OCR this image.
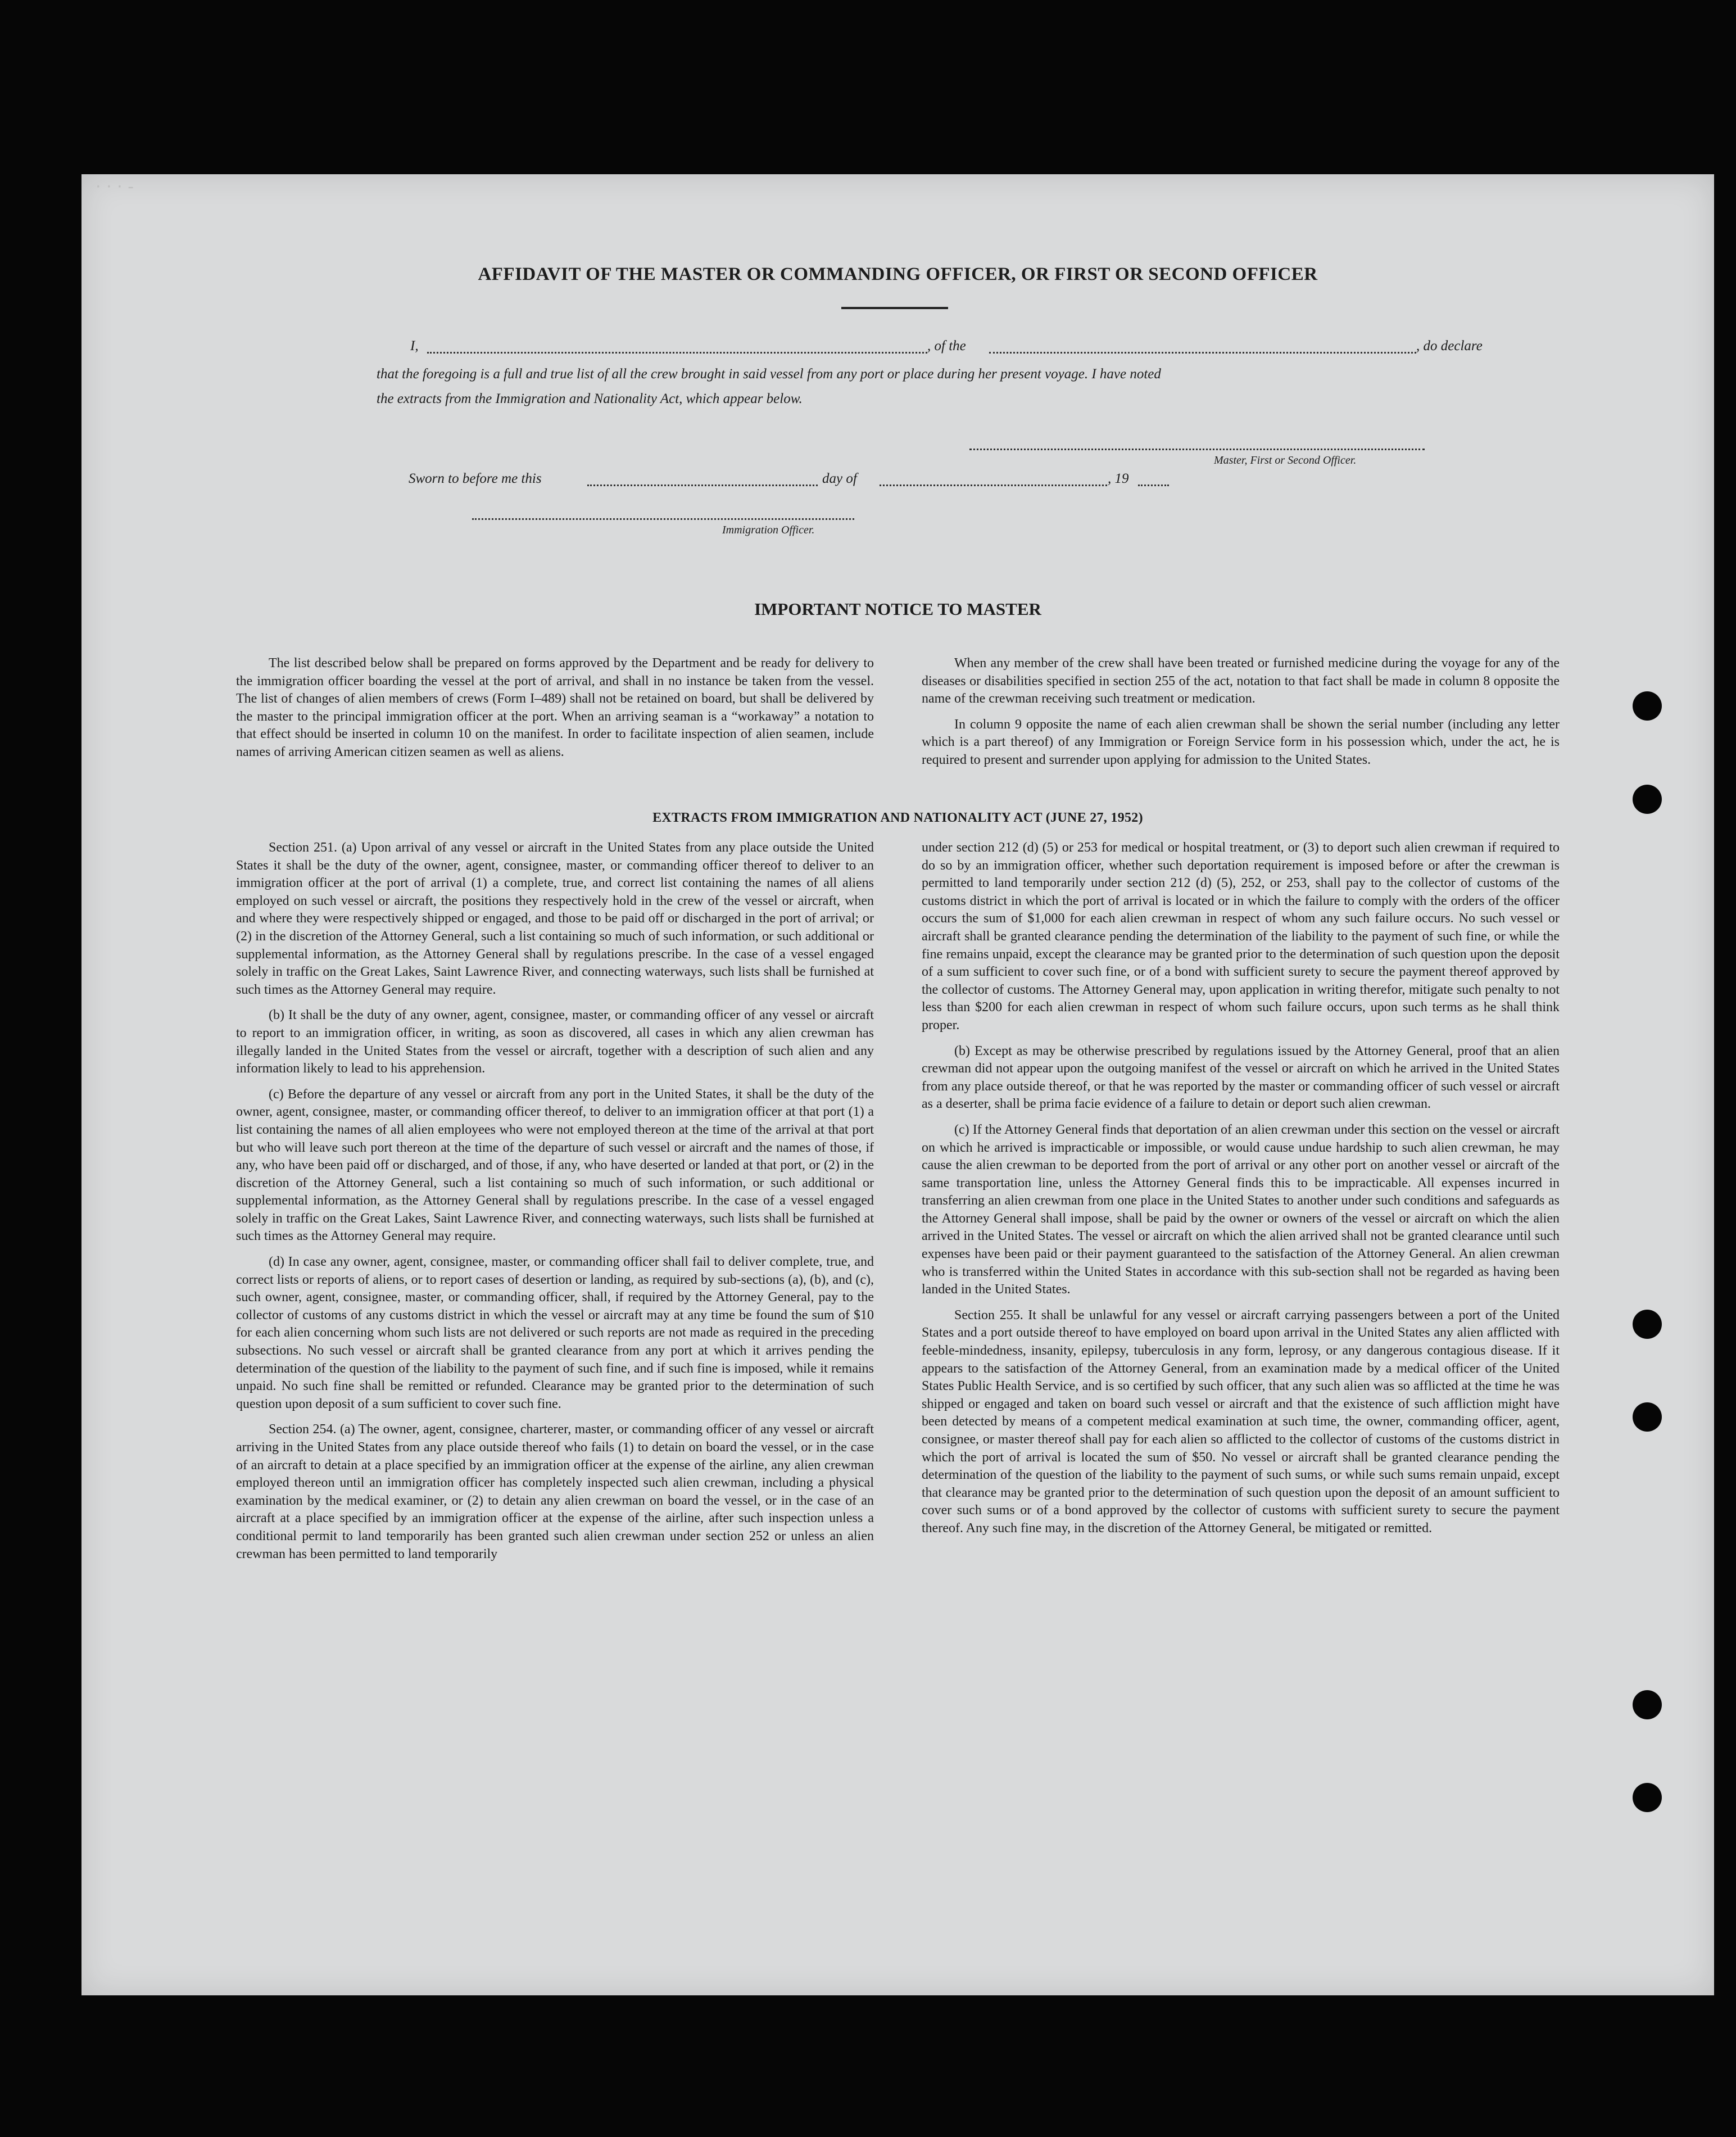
· · · -
AFFIDAVIT OF THE MASTER OR COMMANDING OFFICER, OR FIRST OR SECOND OFFICER
I,	, of the	, do declare
that the foregoing is a full and true list of all the crew brought in said vessel from any port or place during her present voyage. I have noted
the extracts from the Immigration and Nationality Act, which appear below.
Master, First or Second Officer.
Sworn to before me this	day of	, 19
Immigration Officer.
IMPORTANT NOTICE TO MASTER

The list described below shall be prepared on forms approved by the Department and be ready for delivery to the immigration officer boarding the vessel at the port of arrival, and shall in no instance be taken from the vessel. The list of changes of alien members of crews (Form I–489) shall not be retained on board, but shall be delivered by the master to the principal immigration officer at the port. When an arriving seaman is a “workaway” a notation to that effect should be inserted in column 10 on the manifest. In order to facilitate inspection of alien seamen, include names of arriving American citizen seamen as well as aliens.

When any member of the crew shall have been treated or furnished medicine during the voyage for any of the diseases or disabilities specified in section 255 of the act, notation to that fact shall be made in column 8 opposite the name of the crewman receiving such treatment or medication.

In column 9 opposite the name of each alien crewman shall be shown the serial number (including any letter which is a part thereof) of any Immigration or Foreign Service form in his possession which, under the act, he is required to present and surrender upon applying for admission to the United States.

EXTRACTS FROM IMMIGRATION AND NATIONALITY ACT (JUNE 27, 1952)

Section 251. (a) Upon arrival of any vessel or aircraft in the United States from any place outside the United States it shall be the duty of the owner, agent, consignee, master, or commanding officer thereof to deliver to an immigration officer at the port of arrival (1) a complete, true, and correct list containing the names of all aliens employed on such vessel or aircraft, the positions they respectively hold in the crew of the vessel or aircraft, when and where they were respectively shipped or engaged, and those to be paid off or discharged in the port of arrival; or (2) in the discretion of the Attorney General, such a list containing so much of such information, or such additional or supplemental information, as the Attorney General shall by regulations prescribe. In the case of a vessel engaged solely in traffic on the Great Lakes, Saint Lawrence River, and connecting waterways, such lists shall be furnished at such times as the Attorney General may require.

(b) It shall be the duty of any owner, agent, consignee, master, or commanding officer of any vessel or aircraft to report to an immigration officer, in writing, as soon as discovered, all cases in which any alien crewman has illegally landed in the United States from the vessel or aircraft, together with a description of such alien and any information likely to lead to his apprehension.

(c) Before the departure of any vessel or aircraft from any port in the United States, it shall be the duty of the owner, agent, consignee, master, or commanding officer thereof, to deliver to an immigration officer at that port (1) a list containing the names of all alien employees who were not employed thereon at the time of the arrival at that port but who will leave such port thereon at the time of the departure of such vessel or aircraft and the names of those, if any, who have been paid off or discharged, and of those, if any, who have deserted or landed at that port, or (2) in the discretion of the Attorney General, such a list containing so much of such information, or such additional or supplemental information, as the Attorney General shall by regulations prescribe. In the case of a vessel engaged solely in traffic on the Great Lakes, Saint Lawrence River, and connecting waterways, such lists shall be furnished at such times as the Attorney General may require.

(d) In case any owner, agent, consignee, master, or commanding officer shall fail to deliver complete, true, and correct lists or reports of aliens, or to report cases of desertion or landing, as required by sub-sections (a), (b), and (c), such owner, agent, consignee, master, or commanding officer, shall, if required by the Attorney General, pay to the collector of customs of any customs district in which the vessel or aircraft may at any time be found the sum of $10 for each alien concerning whom such lists are not delivered or such reports are not made as required in the preceding subsections. No such vessel or aircraft shall be granted clearance from any port at which it arrives pending the determination of the question of the liability to the payment of such fine, and if such fine is imposed, while it remains unpaid. No such fine shall be remitted or refunded. Clearance may be granted prior to the determination of such question upon deposit of a sum sufficient to cover such fine.

Section 254. (a) The owner, agent, consignee, charterer, master, or commanding officer of any vessel or aircraft arriving in the United States from any place outside thereof who fails (1) to detain on board the vessel, or in the case of an aircraft to detain at a place specified by an immigration officer at the expense of the airline, any alien crewman employed thereon until an immigration officer has completely inspected such alien crewman, including a physical examination by the medical examiner, or (2) to detain any alien crewman on board the vessel, or in the case of an aircraft at a place specified by an immigration officer at the expense of the airline, after such inspection unless a conditional permit to land temporarily has been granted such alien crewman under section 252 or unless an alien crewman has been permitted to land temporarily

under section 212 (d) (5) or 253 for medical or hospital treatment, or (3) to deport such alien crewman if required to do so by an immigration officer, whether such deportation requirement is imposed before or after the crewman is permitted to land temporarily under section 212 (d) (5), 252, or 253, shall pay to the collector of customs of the customs district in which the port of arrival is located or in which the failure to comply with the orders of the officer occurs the sum of $1,000 for each alien crewman in respect of whom any such failure occurs. No such vessel or aircraft shall be granted clearance pending the determination of the liability to the payment of such fine, or while the fine remains unpaid, except the clearance may be granted prior to the determination of such question upon the deposit of a sum sufficient to cover such fine, or of a bond with sufficient surety to secure the payment thereof approved by the collector of customs. The Attorney General may, upon application in writing therefor, mitigate such penalty to not less than $200 for each alien crewman in respect of whom such failure occurs, upon such terms as he shall think proper.

(b) Except as may be otherwise prescribed by regulations issued by the Attorney General, proof that an alien crewman did not appear upon the outgoing manifest of the vessel or aircraft on which he arrived in the United States from any place outside thereof, or that he was reported by the master or commanding officer of such vessel or aircraft as a deserter, shall be prima facie evidence of a failure to detain or deport such alien crewman.

(c) If the Attorney General finds that deportation of an alien crewman under this section on the vessel or aircraft on which he arrived is impracticable or impossible, or would cause undue hardship to such alien crewman, he may cause the alien crewman to be deported from the port of arrival or any other port on another vessel or aircraft of the same transportation line, unless the Attorney General finds this to be impracticable. All expenses incurred in transferring an alien crewman from one place in the United States to another under such conditions and safeguards as the Attorney General shall impose, shall be paid by the owner or owners of the vessel or aircraft on which the alien arrived in the United States. The vessel or aircraft on which the alien arrived shall not be granted clearance until such expenses have been paid or their payment guaranteed to the satisfaction of the Attorney General. An alien crewman who is transferred within the United States in accordance with this sub-section shall not be regarded as having been landed in the United States.

Section 255. It shall be unlawful for any vessel or aircraft carrying passengers between a port of the United States and a port outside thereof to have employed on board upon arrival in the United States any alien afflicted with feeble-mindedness, insanity, epilepsy, tuberculosis in any form, leprosy, or any dangerous contagious disease. If it appears to the satisfaction of the Attorney General, from an examination made by a medical officer of the United States Public Health Service, and is so certified by such officer, that any such alien was so afflicted at the time he was shipped or engaged and taken on board such vessel or aircraft and that the existence of such affliction might have been detected by means of a competent medical examination at such time, the owner, commanding officer, agent, consignee, or master thereof shall pay for each alien so afflicted to the collector of customs of the customs district in which the port of arrival is located the sum of $50. No vessel or aircraft shall be granted clearance pending the determination of the question of the liability to the payment of such sums, or while such sums remain unpaid, except that clearance may be granted prior to the determination of such question upon the deposit of an amount sufficient to cover such sums or of a bond approved by the collector of customs with sufficient surety to secure the payment thereof. Any such fine may, in the discretion of the Attorney General, be mitigated or remitted.
